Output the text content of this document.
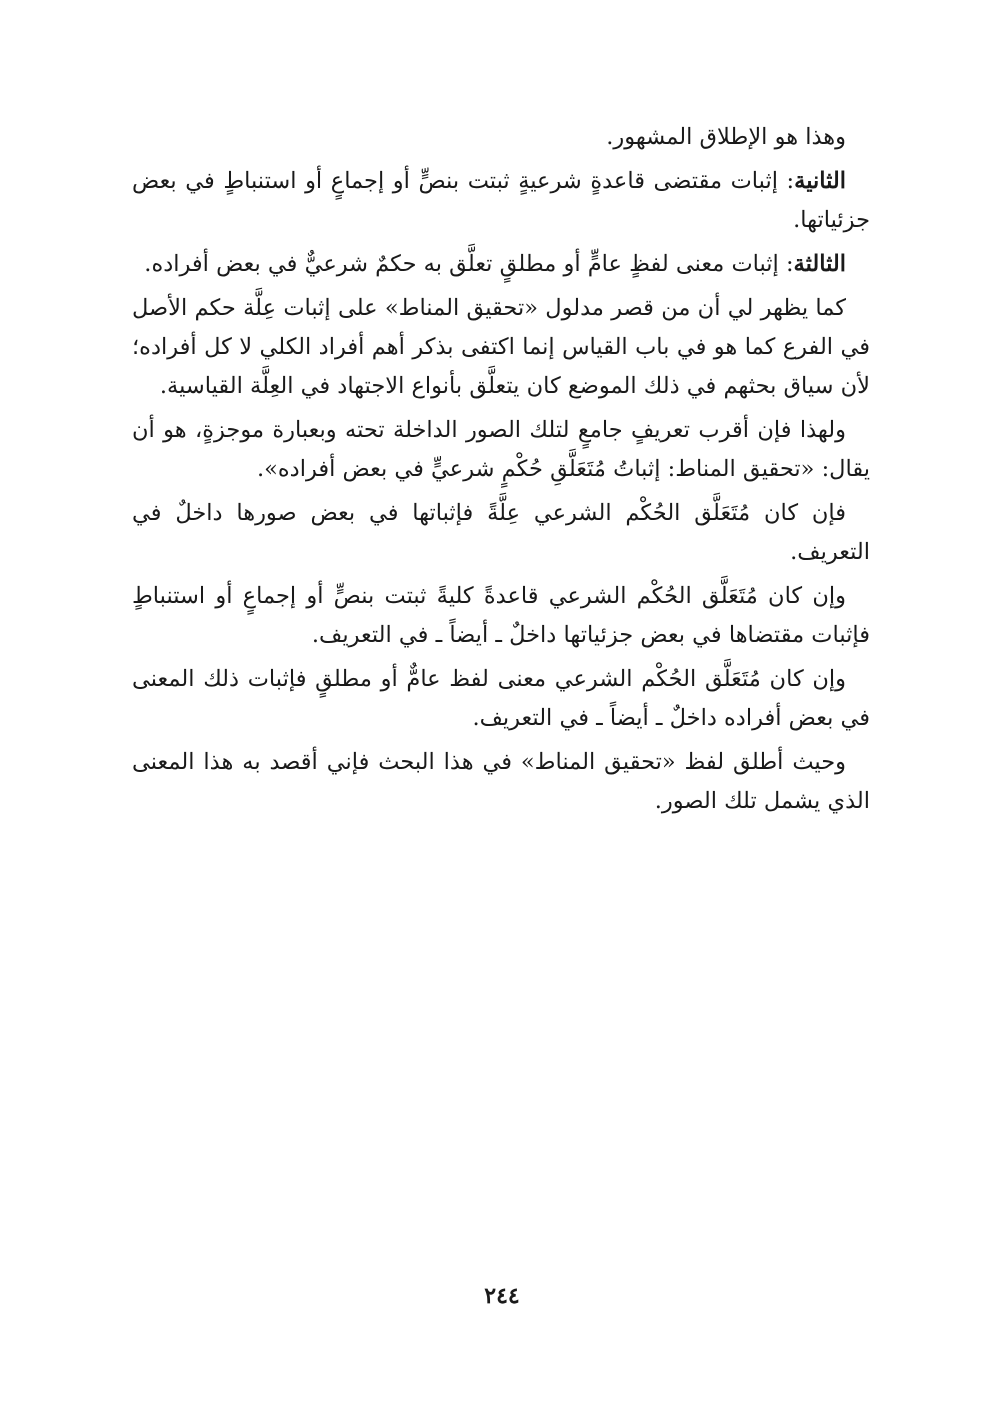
وهذا هو الإطلاق المشهور.

الثانية: إثبات مقتضى قاعدةٍ شرعيةٍ ثبتت بنصٍّ أو إجماعٍ أو استنباطٍ في بعض جزئياتها.

الثالثة: إثبات معنى لفظٍ عامٍّ أو مطلقٍ تعلَّق به حكمٌ شرعيٌّ في بعض أفراده.

كما يظهر لي أن من قصر مدلول «تحقيق المناط» على إثبات عِلَّة حكم الأصل في الفرع كما هو في باب القياس إنما اكتفى بذكر أهم أفراد الكلي لا كل أفراده؛ لأن سياق بحثهم في ذلك الموضع كان يتعلَّق بأنواع الاجتهاد في العِلَّة القياسية.

ولهذا فإن أقرب تعريفٍ جامعٍ لتلك الصور الداخلة تحته وبعبارة موجزةٍ، هو أن يقال: «تحقيق المناط: إثباتُ مُتَعَلَّقِ حُكْمٍ شرعيٍّ في بعض أفراده».

فإن كان مُتَعَلَّق الحُكْم الشرعي عِلَّةً فإثباتها في بعض صورها داخلٌ في التعريف.

وإن كان مُتَعَلَّق الحُكْم الشرعي قاعدةً كليةً ثبتت بنصٍّ أو إجماعٍ أو استنباطٍ فإثبات مقتضاها في بعض جزئياتها داخلٌ ـ أيضاً ـ في التعريف.

وإن كان مُتَعَلَّق الحُكْم الشرعي معنى لفظ عامٌّ أو مطلقٍ فإثبات ذلك المعنى في بعض أفراده داخلٌ ـ أيضاً ـ في التعريف.

وحيث أطلق لفظ «تحقيق المناط» في هذا البحث فإني أقصد به هذا المعنى الذي يشمل تلك الصور.

٢٤٤
